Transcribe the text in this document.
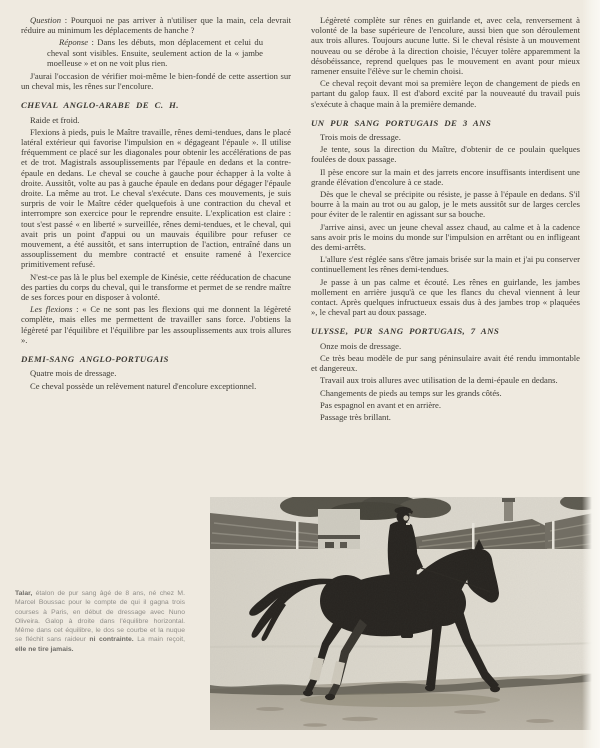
Question : Pourquoi ne pas arriver à n'utiliser que la main, cela devrait réduire au minimum les déplacements de hanche ?

Réponse : Dans les débuts, mon déplacement et celui du cheval sont visibles. Ensuite, seulement action de la « jambe moelleuse » et on ne voit plus rien.

J'aurai l'occasion de vérifier moi-même le bien-fondé de cette assertion sur un cheval mis, les rênes sur l'encolure.

CHEVAL ANGLO-ARABE DE C. H.

Raide et froid.

Flexions à pieds, puis le Maître travaille, rênes demi-tendues, dans le placé latéral extérieur qui favorise l'impulsion en « dégageant l'épaule ». Il utilise fréquemment ce placé sur les diagonales pour obtenir les accélérations de pas et de trot. Magistrals assouplissements par l'épaule en dedans et la contre-épaule en dedans. Le cheval se couche à gauche pour échapper à la volte à droite. Aussitôt, volte au pas à gauche épaule en dedans pour dégager l'épaule droite. La même au trot. Le cheval s'exécute. Dans ces mouvements, je suis surpris de voir le Maître céder quelquefois à une contraction du cheval et interrompre son exercice pour le reprendre ensuite. L'explication est claire : tout s'est passé « en liberté » surveillée, rênes demi-tendues, et le cheval, qui avait pris un point d'appui ou un mauvais équilibre pour refuser ce mouvement, a été aussitôt, et sans interruption de l'action, entraîné dans un assouplissement du membre contracté et ensuite ramené à l'exercice primitivement refusé.

N'est-ce pas là le plus bel exemple de Kinésie, cette rééducation de chacune des parties du corps du cheval, qui le transforme et permet de se rendre maître de ses forces pour en disposer à volonté.

Les flexions : « Ce ne sont pas les flexions qui me donnent la légèreté complète, mais elles me permettent de travailler sans force. J'obtiens la légèreté par l'équilibre et l'équilibre par les assouplissements aux trois allures ».

DEMI-SANG ANGLO-PORTUGAIS

Quatre mois de dressage.

Ce cheval possède un relèvement naturel d'encolure exceptionnel.

Légèreté complète sur rênes en guirlande et, avec cela, renversement à volonté de la base supérieure de l'encolure, aussi bien que son déroulement aux trois allures. Toujours aucune lutte. Si le cheval résiste à un mouvement nouveau ou se dérobe à la direction choisie, l'écuyer tolère apparemment la désobéissance, reprend quelques pas le mouvement en avant pour mieux ramener ensuite l'élève sur le chemin choisi.

Ce cheval reçoit devant moi sa première leçon de changement de pieds en partant du galop faux. Il est d'abord excité par la nouveauté du travail puis s'exécute à chaque main à la première demande.

UN PUR SANG PORTUGAIS DE 3 ANS

Trois mois de dressage.

Je tente, sous la direction du Maître, d'obtenir de ce poulain quelques foulées de doux passage.

Il pèse encore sur la main et des jarrets encore insuffisants interdisent une grande élévation d'encolure à ce stade.

Dès que le cheval se précipite ou résiste, je passe à l'épaule en dedans. S'il bourre à la main au trot ou au galop, je le mets aussitôt sur de larges cercles pour éviter de le ralentir en agissant sur sa bouche.

J'arrive ainsi, avec un jeune cheval assez chaud, au calme et à la cadence sans avoir pris le moins du monde sur l'impulsion en arrêtant ou en infligeant des demi-arrêts.

L'allure s'est réglée sans s'être jamais brisée sur la main et j'ai pu conserver continuellement les rênes demi-tendues.

Je passe à un pas calme et écouté. Les rênes en guirlande, les jambes mollement en arrière jusqu'à ce que les flancs du cheval viennent à leur contact. Après quelques infructueux essais dus à des jambes trop « plaquées », le cheval part au doux passage.

ULYSSE, PUR SANG PORTUGAIS, 7 ANS

Onze mois de dressage.

Ce très beau modèle de pur sang péninsulaire avait été rendu immontable et dangereux.

Travail aux trois allures avec utilisation de la demi-épaule en dedans.

Changements de pieds au temps sur les grands côtés.

Pas espagnol en avant et en arrière.

Passage très brillant.

Talar, étalon de pur sang âgé de 8 ans, né chez M. Marcel Boussac pour le compte de qui il gagna trois courses à Paris, en début de dressage avec Nuno Oliveira. Galop à droite dans l'équilibre horizontal. Même dans cet équilibre, le dos se courbe et la nuque se fléchit sans raideur ni contrainte. La main reçoit, elle ne tire jamais.
